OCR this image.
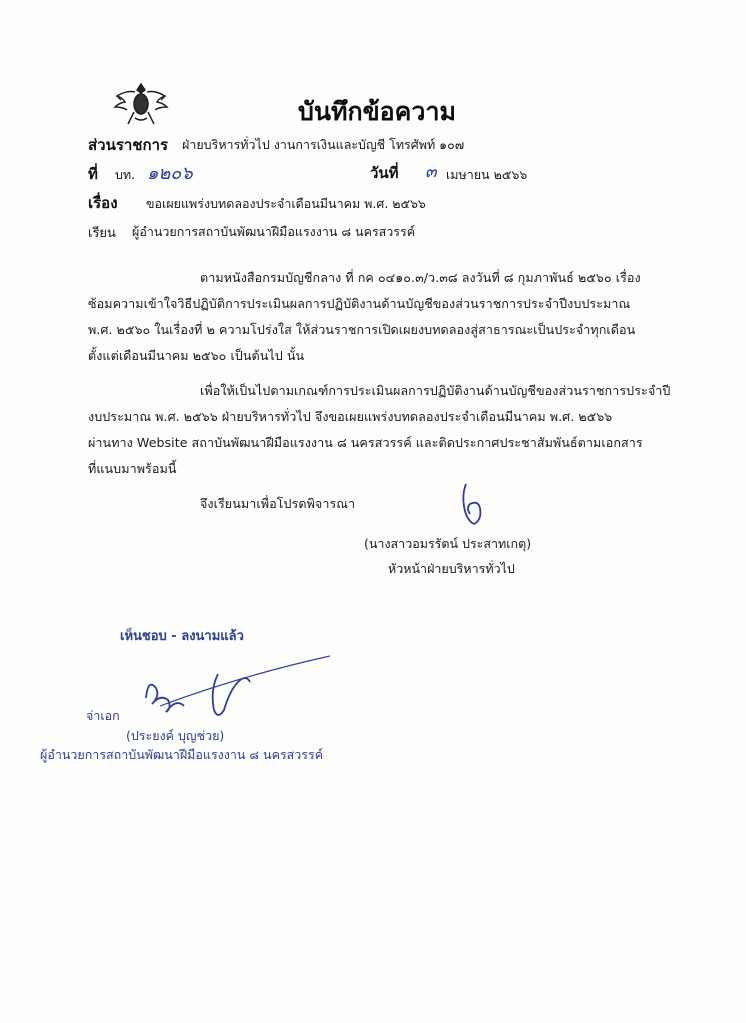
บันทึกข้อความ
ส่วนราชการ ฝ่ายบริหารทั่วไป งานการเงินและบัญชี โทรศัพท์ ๑๐๗
ที่ บท. ๑๒๐๖	วันที่ ๓ เมษายน ๒๕๖๖
เรื่อง ขอเผยแพร่งบทดลองประจำเดือนมีนาคม พ.ศ. ๒๕๖๖
เรียน ผู้อำนวยการสถาบันพัฒนาฝีมือแรงงาน ๘ นครสวรรค์
ตามหนังสือกรมบัญชีกลาง ที่ กค ๐๔๑๐.๓/ว.๓๘ ลงวันที่ ๘ กุมภาพันธ์ ๒๕๖๐ เรื่อง
ซ้อมความเข้าใจวิธีปฏิบัติการประเมินผลการปฏิบัติงานด้านบัญชีของส่วนราชการประจำปีงบประมาณ
พ.ศ. ๒๕๖๐ ในเรื่องที่ ๒ ความโปร่งใส ให้ส่วนราชการเปิดเผยงบทดลองสู่สาธารณะเป็นประจำทุกเดือน
ตั้งแต่เดือนมีนาคม ๒๕๖๐ เป็นต้นไป นั้น
เพื่อให้เป็นไปตามเกณฑ์การประเมินผลการปฏิบัติงานด้านบัญชีของส่วนราชการประจำปี
งบประมาณ พ.ศ. ๒๕๖๖ ฝ่ายบริหารทั่วไป จึงขอเผยแพร่งบทดลองประจำเดือนมีนาคม พ.ศ. ๒๕๖๖
ผ่านทาง Website สถาบันพัฒนาฝีมือแรงงาน ๘ นครสวรรค์ และติดประกาศประชาสัมพันธ์ตามเอกสาร
ที่แนบมาพร้อมนี้
จึงเรียนมาเพื่อโปรดพิจารณา
(นางสาวอมรรัตน์ ประสาทเกตุ)
หัวหน้าฝ่ายบริหารทั่วไป
เห็นชอบ - ลงนามแล้ว
จ่าเอก
(ประยงค์ บุญช่วย)
ผู้อำนวยการสถาบันพัฒนาฝีมือแรงงาน ๘ นครสวรรค์
